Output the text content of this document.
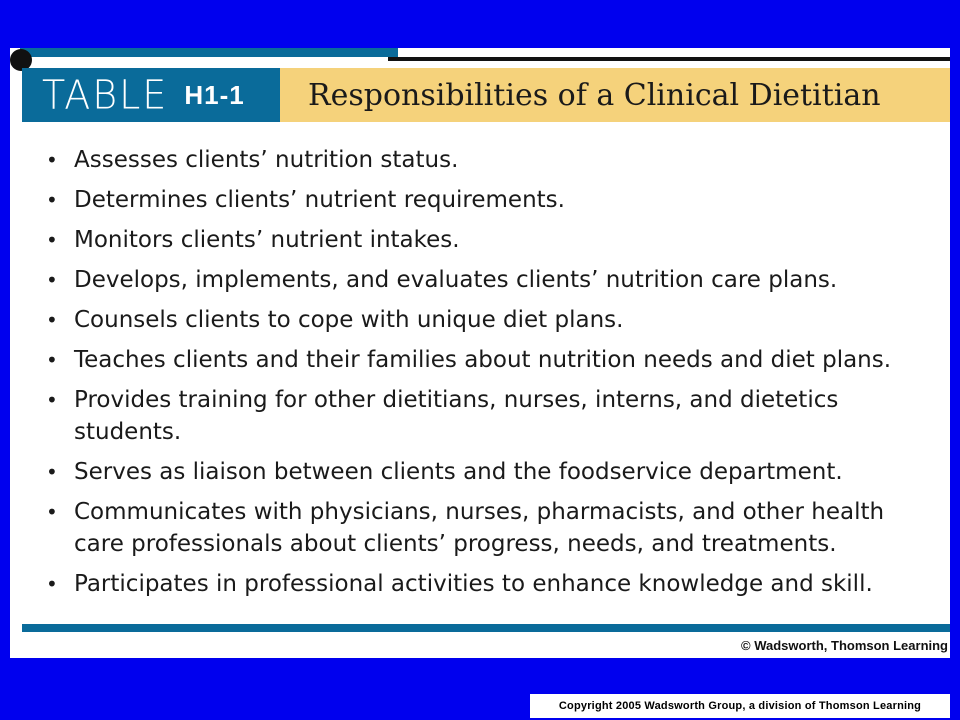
TABLE H1-1 Responsibilities of a Clinical Dietitian
• Assesses clients’ nutrition status.
• Determines clients’ nutrient requirements.
• Monitors clients’ nutrient intakes.
• Develops, implements, and evaluates clients’ nutrition care plans.
• Counsels clients to cope with unique diet plans.
• Teaches clients and their families about nutrition needs and diet plans.
• Provides training for other dietitians, nurses, interns, and dietetics students.
• Serves as liaison between clients and the foodservice department.
• Communicates with physicians, nurses, pharmacists, and other health care professionals about clients’ progress, needs, and treatments.
• Participates in professional activities to enhance knowledge and skill.
© Wadsworth, Thomson Learning
Copyright 2005 Wadsworth Group, a division of Thomson Learning
